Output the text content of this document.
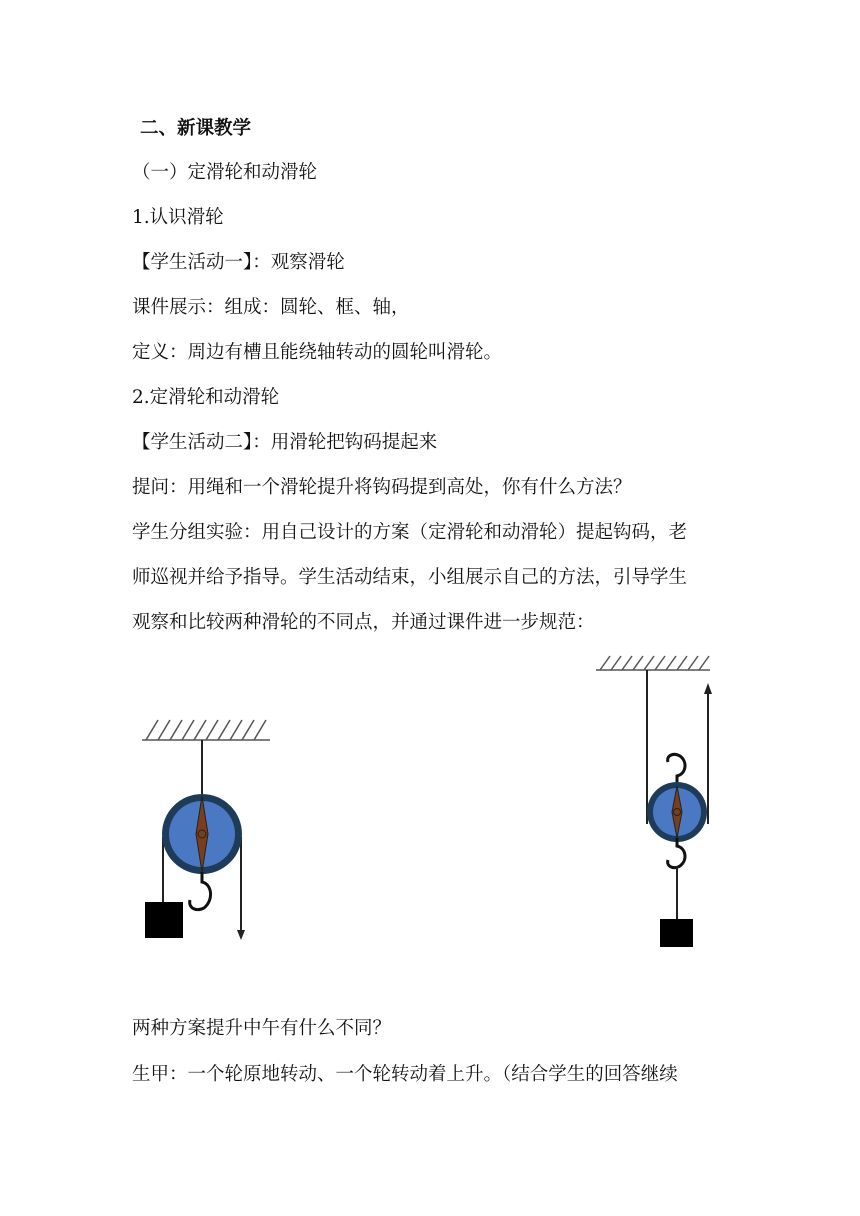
二、新课教学
（一）定滑轮和动滑轮
1.认识滑轮
【学生活动一】：观察滑轮
课件展示：组成：圆轮、框、轴，
定义：周边有槽且能绕轴转动的圆轮叫滑轮。
2.定滑轮和动滑轮
【学生活动二】：用滑轮把钩码提起来
提问：用绳和一个滑轮提升将钩码提到高处，你有什么方法？
学生分组实验：用自己设计的方案（定滑轮和动滑轮）提起钩码，老
师巡视并给予指导。学生活动结束，小组展示自己的方法，引导学生
观察和比较两种滑轮的不同点，并通过课件进一步规范：
两种方案提升中午有什么不同？
生甲：一个轮原地转动、一个轮转动着上升。（结合学生的回答继续
